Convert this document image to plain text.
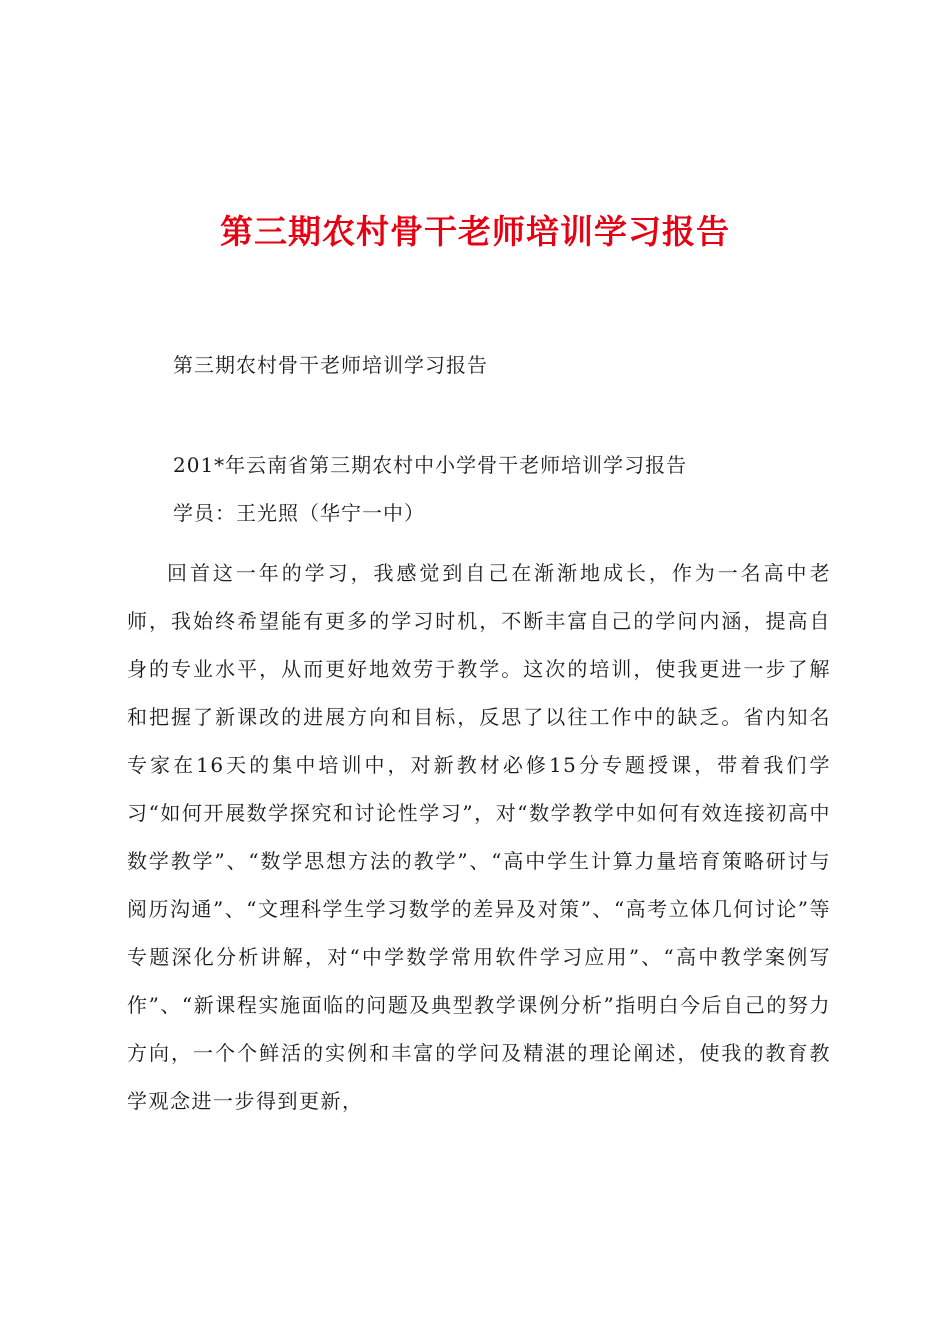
第三期农村骨干老师培训学习报告

第三期农村骨干老师培训学习报告

201*年云南省第三期农村中小学骨干老师培训学习报告

学员：王光照（华宁一中）

回首这一年的学习，我感觉到自己在渐渐地成长，作为一名高中老师，我始终希望能有更多的学习时机，不断丰富自己的学问内涵，提高自身的专业水平，从而更好地效劳于教学。这次的培训，使我更进一步了解和把握了新课改的进展方向和目标，反思了以往工作中的缺乏。省内知名专家在16天的集中培训中，对新教材必修15分专题授课，带着我们学习“如何开展数学探究和讨论性学习”，对“数学教学中如何有效连接初高中数学教学”、“数学思想方法的教学”、“高中学生计算力量培育策略研讨与阅历沟通”、“文理科学生学习数学的差异及对策”、“高考立体几何讨论”等专题深化分析讲解，对“中学数学常用软件学习应用”、“高中教学案例写作”、“新课程实施面临的问题及典型教学课例分析”指明白今后自己的努力方向，一个个鲜活的实例和丰富的学问及精湛的理论阐述，使我的教育教学观念进一步得到更新，
